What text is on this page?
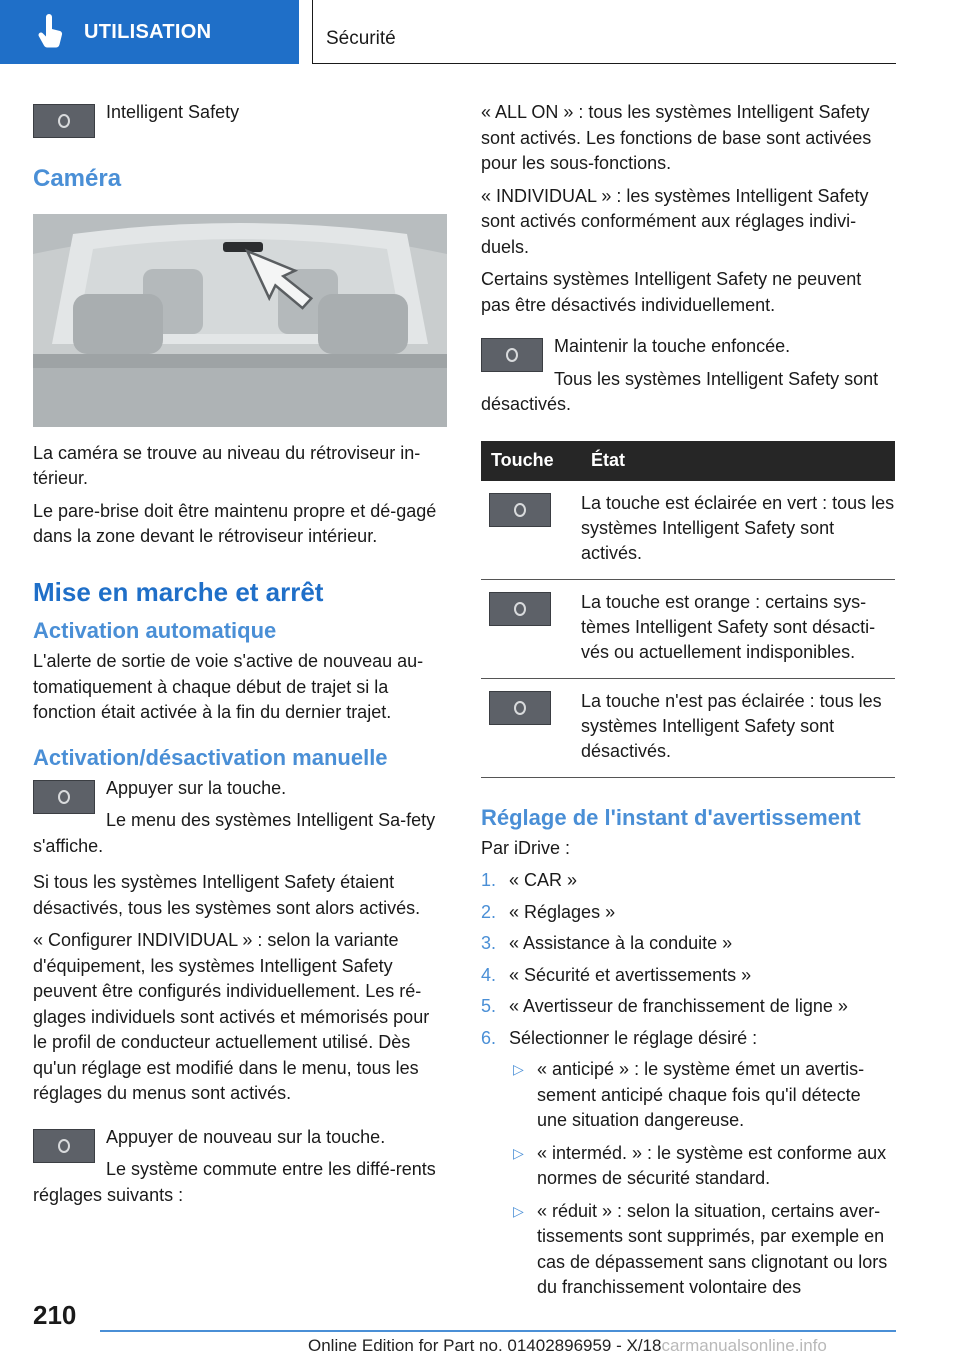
UTILISATION	Sécurité

Intelligent Safety

Caméra

La caméra se trouve au niveau du rétroviseur in-térieur.

Le pare-brise doit être maintenu propre et dé-gagé dans la zone devant le rétroviseur intérieur.

Mise en marche et arrêt
Activation automatique

L'alerte de sortie de voie s'active de nouveau au-tomatiquement à chaque début de trajet si la fonction était activée à la fin du dernier trajet.

Activation/désactivation manuelle

Appuyer sur la touche.

Le menu des systèmes Intelligent Sa-fety s'affiche.

Si tous les systèmes Intelligent Safety étaient désactivés, tous les systèmes sont alors activés.

« Configurer INDIVIDUAL » : selon la variante d'équipement, les systèmes Intelligent Safety peuvent être configurés individuellement. Les ré-glages individuels sont activés et mémorisés pour le profil de conducteur actuellement utilisé. Dès qu'un réglage est modifié dans le menu, tous les réglages du menus sont activés.

Appuyer de nouveau sur la touche.

Le système commute entre les diffé-rents réglages suivants :

« ALL ON » : tous les systèmes Intelligent Safety sont activés. Les fonctions de base sont activées pour les sous-fonctions.

« INDIVIDUAL » : les systèmes Intelligent Safety sont activés conformément aux réglages indivi-duels.

Certains systèmes Intelligent Safety ne peuvent pas être désactivés individuellement.

Maintenir la touche enfoncée.

Tous les systèmes Intelligent Safety sont désactivés.

Touche	État

	La touche est éclairée en vert : tous les systèmes Intelligent Safety sont activés.

	La touche est orange : certains sys-tèmes Intelligent Safety sont désacti-vés ou actuellement indisponibles.

	La touche n'est pas éclairée : tous les systèmes Intelligent Safety sont désactivés.
Réglage de l'instant d'avertissement

Par iDrive :

1. « CAR »
2. « Réglages »
3. « Assistance à la conduite »
4. « Sécurité et avertissements »
5. « Avertisseur de franchissement de ligne »
6. Sélectionner le réglage désiré :
▷ « anticipé » : le système émet un avertis-sement anticipé chaque fois qu'il détecte une situation dangereuse.
▷ « interméd. » : le système est conforme aux normes de sécurité standard.
▷ « réduit » : selon la situation, certains aver-tissements sont supprimés, par exemple en cas de dépassement sans clignotant ou lors du franchissement volontaire des
210
Online Edition for Part no. 01402896959 - X/18carmanualsonline.info
